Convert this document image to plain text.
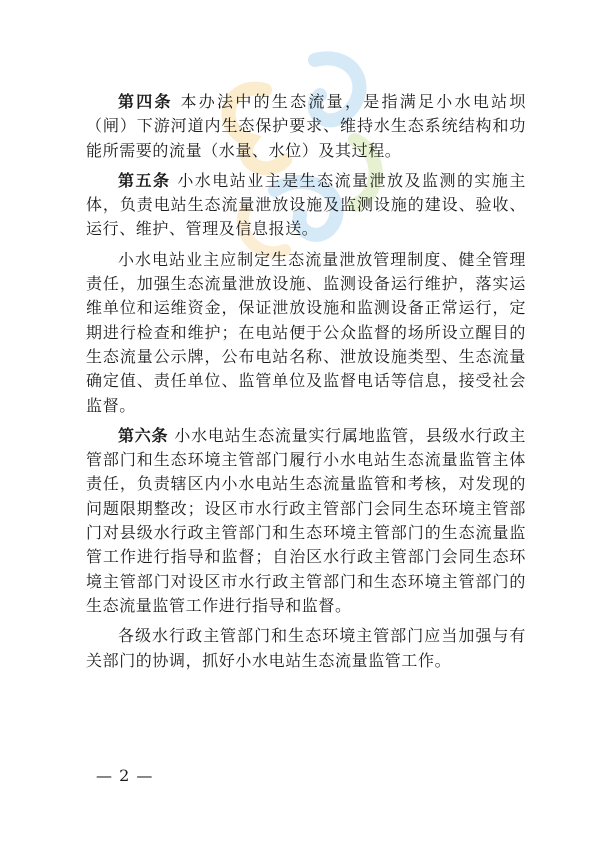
第四条 本办法中的生态流量，是指满足小水电站坝（闸）下游河道内生态保护要求、维持水生态系统结构和功能所需要的流量（水量、水位）及其过程。

第五条 小水电站业主是生态流量泄放及监测的实施主体，负责电站生态流量泄放设施及监测设施的建设、验收、运行、维护、管理及信息报送。

小水电站业主应制定生态流量泄放管理制度、健全管理责任，加强生态流量泄放设施、监测设备运行维护，落实运维单位和运维资金，保证泄放设施和监测设备正常运行，定期进行检查和维护；在电站便于公众监督的场所设立醒目的生态流量公示牌，公布电站名称、泄放设施类型、生态流量确定值、责任单位、监管单位及监督电话等信息，接受社会监督。

第六条 小水电站生态流量实行属地监管，县级水行政主管部门和生态环境主管部门履行小水电站生态流量监管主体责任，负责辖区内小水电站生态流量监管和考核，对发现的问题限期整改；设区市水行政主管部门会同生态环境主管部门对县级水行政主管部门和生态环境主管部门的生态流量监管工作进行指导和监督；自治区水行政主管部门会同生态环境主管部门对设区市水行政主管部门和生态环境主管部门的生态流量监管工作进行指导和监督。

各级水行政主管部门和生态环境主管部门应当加强与有关部门的协调，抓好小水电站生态流量监管工作。

— 2 —
